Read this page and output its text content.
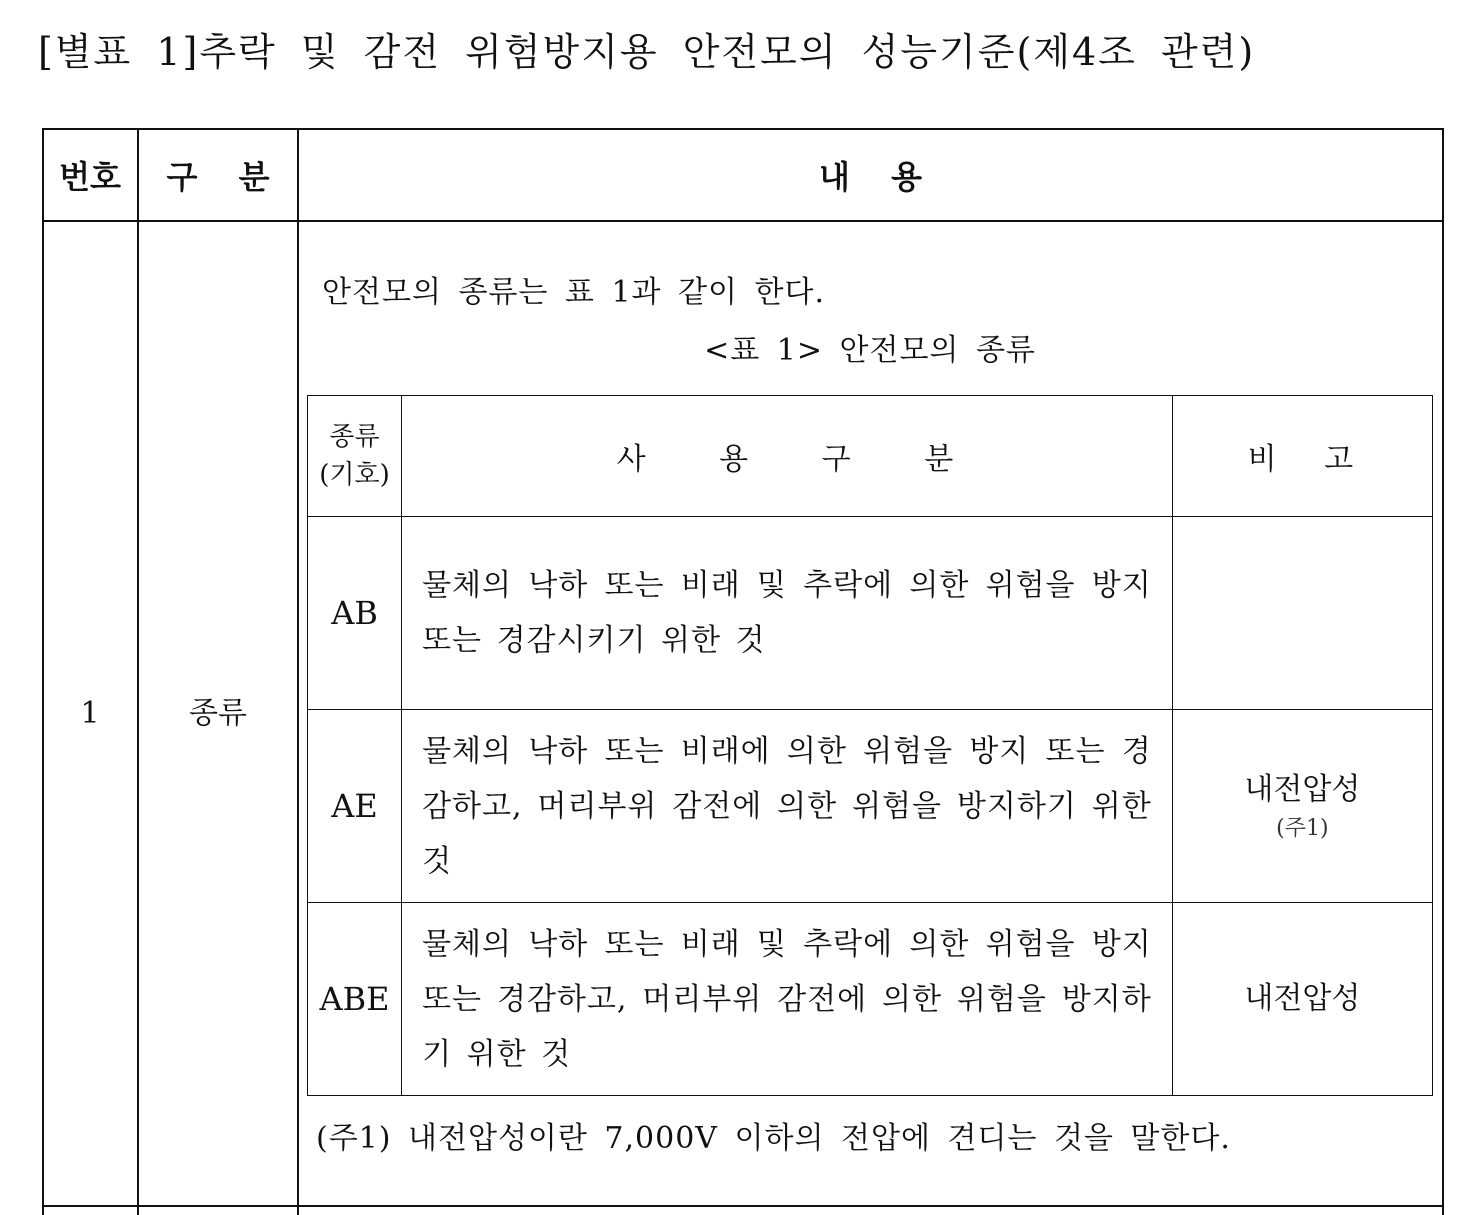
[별표 1]추락 및 감전 위험방지용 안전모의 성능기준(제4조 관련)
번호	구 분	내 용
1	종류
안전모의 종류는 표 1과 같이 한다.
<표 1> 안전모의 종류
종류
(기호)	사 용 구 분	비 고
AB	물체의 낙하 또는 비래 및 추락에 의한 위험을 방지 또는 경감시키기 위한 것	
AE	물체의 낙하 또는 비래에 의한 위험을 방지 또는 경감하고, 머리부위 감전에 의한 위험을 방지하기 위한 것	내전압성
(주1)

ABE	물체의 낙하 또는 비래 및 추락에 의한 위험을 방지 또는 경감하고, 머리부위 감전에 의한 위험을 방지하기 위한 것	내전압성
(주1) 내전압성이란 7,000V 이하의 전압에 견디는 것을 말한다.
